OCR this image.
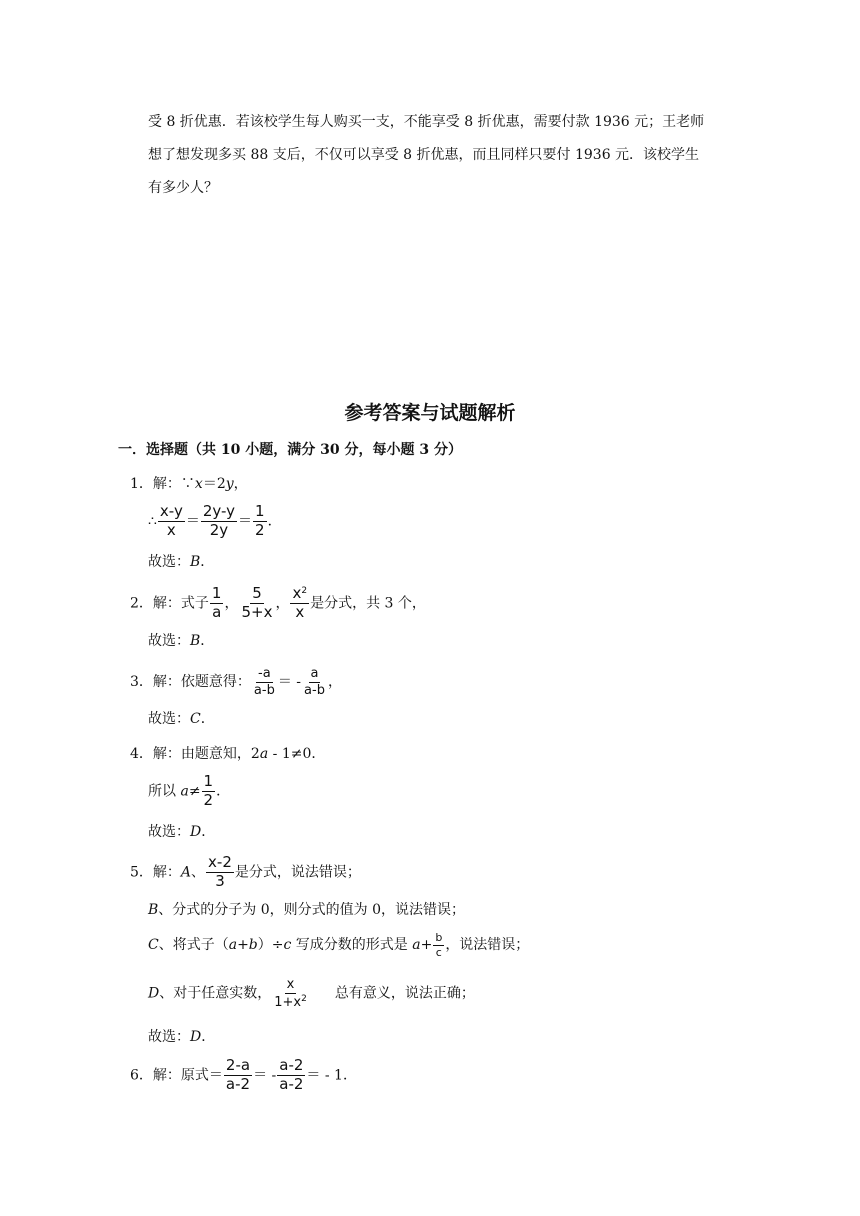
受 8 折优惠．若该校学生每人购买一支，不能享受 8 折优惠，需要付款 1936 元；王老师
想了想发现多买 88 支后，不仅可以享受 8 折优惠，而且同样只要付 1936 元．该校学生
有多少人？
参考答案与试题解析
一．选择题（共 10 小题，满分 30 分，每小题 3 分）
1．解：∵x＝2y，
∴ $\frac{x-y}{x} = \frac{2y-y}{2y} = \frac{1}{2}$ ．
故选：B．
2．解：式子 $\frac{1}{a}$ ， $\frac{5}{5+x}$ ， $\frac{x^2}{x}$ 是分式，共 3 个，
故选：B．
3．解：依题意得： $\frac{-a}{a-b}$ ＝ - $\frac{a}{a-b}$ ，
故选：C．
4．解：由题意知，2a - 1≠0．
所以 $a\ne \frac{1}{2}$ ．
故选：D．
5．解：A、 $\frac{x-2}{3}$ 是分式，说法错误；
B、分式的分子为 0，则分式的值为 0，说法错误；
C、将式子（a+b）÷c 写成分数的形式是 $a+ \frac{b}{c}$ ，说法错误；
D、对于任意实数， $\frac{x}{1+x^2}$ 总有意义，说法正确；
故选：D．
6．解：原式＝ $\frac{2-a}{a-2}$ ＝ - $\frac{a-2}{a-2}$ ＝ - 1．
